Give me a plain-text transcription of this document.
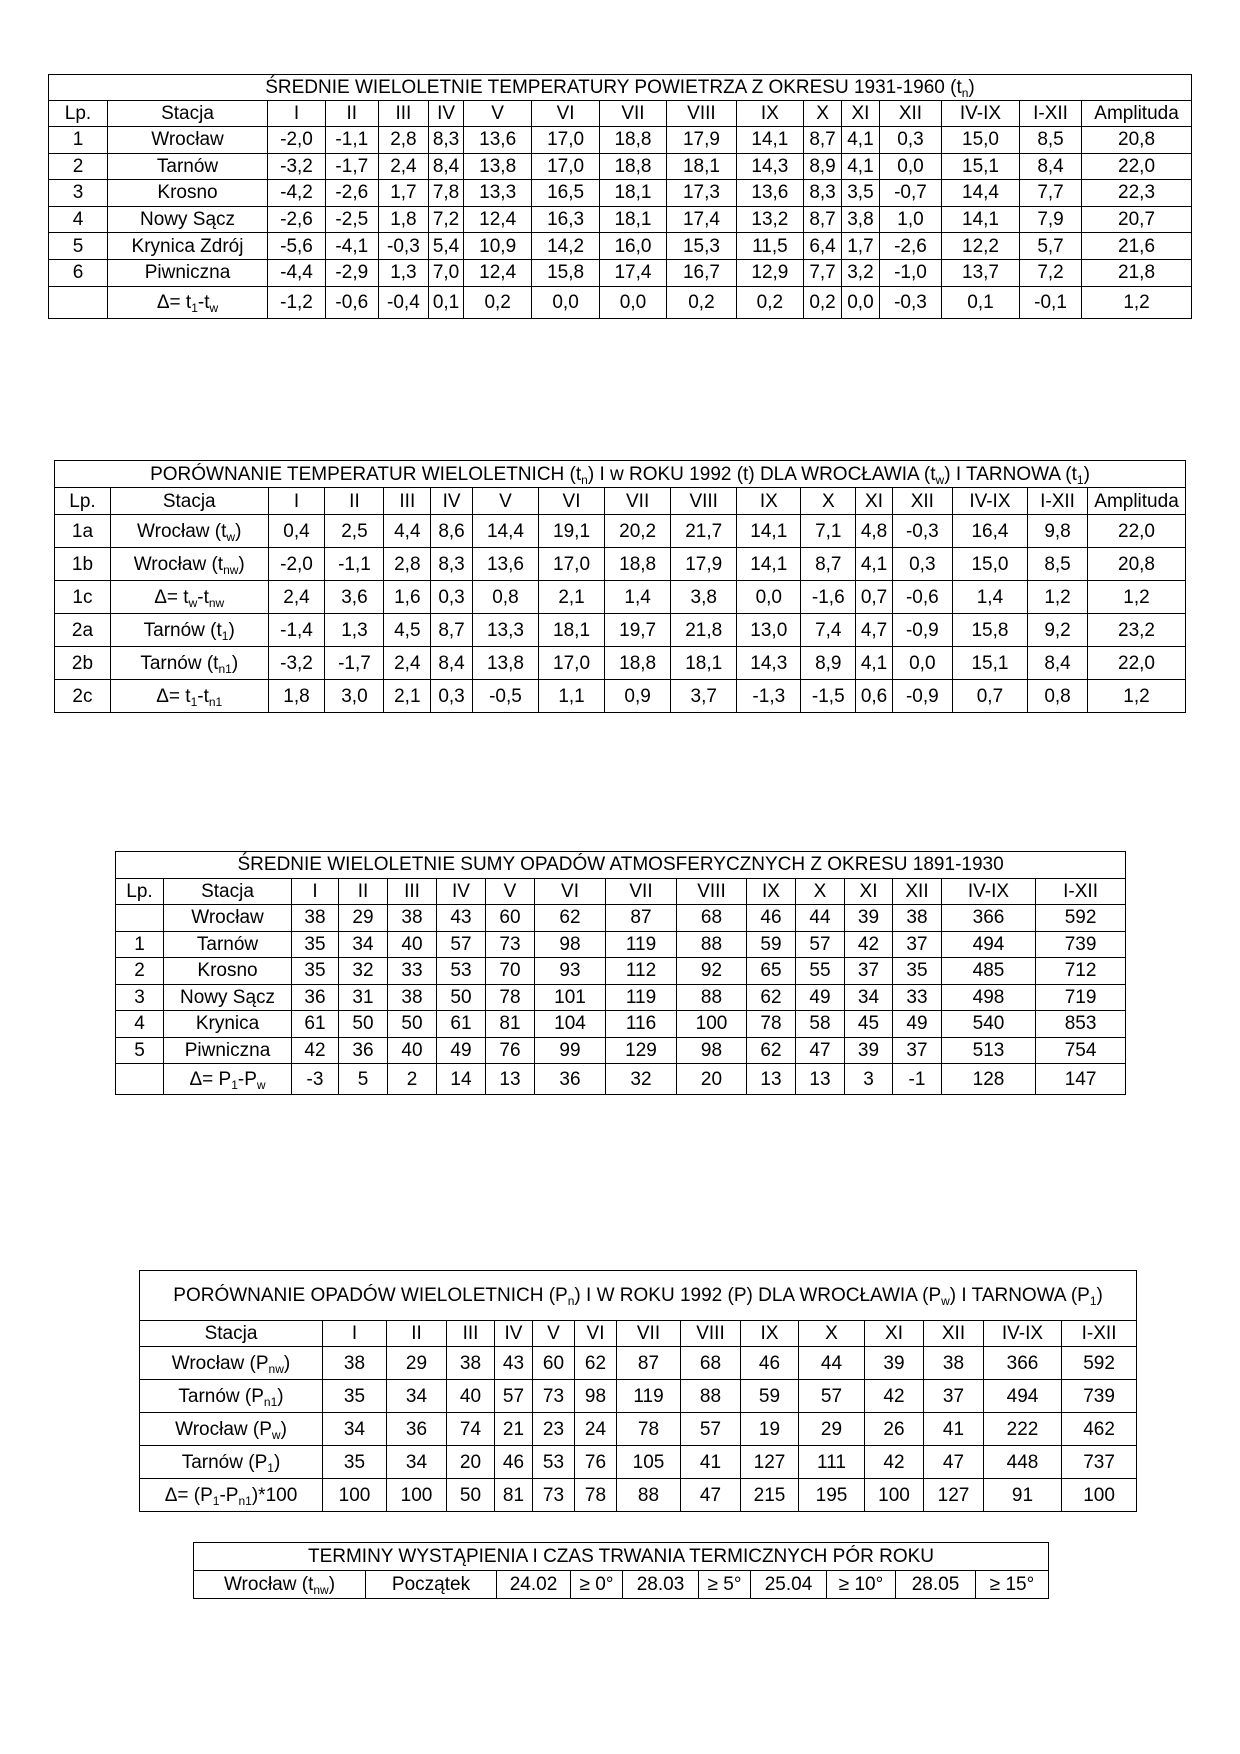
ŚREDNIE WIELOLETNIE TEMPERATURY POWIETRZA Z OKRESU 1931-1960 $(t_n)$																
Lp.	Stacja	I	II	III	IV	V	VI	VII	VIII	IX	X	XI	XII	IV-IX	I-XII	Amplituda
1	Wrocław	-2,0	-1,1	2,8	8,3	13,6	17,0	18,8	17,9	14,1	8,7	4,1	0,3	15,0	8,5	20,8
2	Tarnów	-3,2	-1,7	2,4	8,4	13,8	17,0	18,8	18,1	14,3	8,9	4,1	0,0	15,1	8,4	22,0
3	Krosno	-4,2	-2,6	1,7	7,8	13,3	16,5	18,1	17,3	13,6	8,3	3,5	-0,7	14,4	7,7	22,3
4	Nowy Sącz	-2,6	-2,5	1,8	7,2	12,4	16,3	18,1	17,4	13,2	8,7	3,8	1,0	14,1	7,9	20,7
5	Krynica Zdrój	-5,6	-4,1	-0,3	5,4	10,9	14,2	16,0	15,3	11,5	6,4	1,7	-2,6	12,2	5,7	21,6
6	Piwniczna	-4,4	-2,9	1,3	7,0	12,4	15,8	17,4	16,7	12,9	7,7	3,2	-1,0	13,7	7,2	21,8
	$\Delta= t_1-t_w$	-1,2	-0,6	-0,4	0,1	0,2	0,0	0,0	0,2	0,2	0,2	0,0	-0,3	0,1	-0,1	1,2
PORÓWNANIE TEMPERATUR WIELOLETNICH $(t_n)$ I w ROKU 1992 (t) DLA WROCŁAWIA $(t_w)$ I TARNOWA $(t_1)$																
Lp.	Stacja	I	II	III	IV	V	VI	VII	VIII	IX	X	XI	XII	IV-IX	I-XII	Amplituda
1a	Wrocław $(t_w)$	0,4	2,5	4,4	8,6	14,4	19,1	20,2	21,7	14,1	7,1	4,8	-0,3	16,4	9,8	22,0
1b	Wrocław $(t_{nw})$	-2,0	-1,1	2,8	8,3	13,6	17,0	18,8	17,9	14,1	8,7	4,1	0,3	15,0	8,5	20,8
1c	$\Delta= t_w-t_{nw}$	2,4	3,6	1,6	0,3	0,8	2,1	1,4	3,8	0,0	-1,6	0,7	-0,6	1,4	1,2	1,2
2a	Tarnów $(t_1)$	-1,4	1,3	4,5	8,7	13,3	18,1	19,7	21,8	13,0	7,4	4,7	-0,9	15,8	9,2	23,2
2b	Tarnów $(t_{n1})$	-3,2	-1,7	2,4	8,4	13,8	17,0	18,8	18,1	14,3	8,9	4,1	0,0	15,1	8,4	22,0
2c	$\Delta= t_1-t_{n1}$	1,8	3,0	2,1	0,3	-0,5	1,1	0,9	3,7	-1,3	-1,5	0,6	-0,9	0,7	0,8	1,2
ŚREDNIE WIELOLETNIE SUMY OPADÓW ATMOSFERYCZNYCH Z OKRESU 1891-1930															
Lp.	Stacja	I	II	III	IV	V	VI	VII	VIII	IX	X	XI	XII	IV-IX	I-XII
	Wrocław	38	29	38	43	60	62	87	68	46	44	39	38	366	592
1	Tarnów	35	34	40	57	73	98	119	88	59	57	42	37	494	739
2	Krosno	35	32	33	53	70	93	112	92	65	55	37	35	485	712
3	Nowy Sącz	36	31	38	50	78	101	119	88	62	49	34	33	498	719
4	Krynica	61	50	50	61	81	104	116	100	78	58	45	49	540	853
5	Piwniczna	42	36	40	49	76	99	129	98	62	47	39	37	513	754
	$\Delta= P_1-P_w$	-3	5	2	14	13	36	32	20	13	13	3	-1	128	147
PORÓWNANIE OPADÓW WIELOLETNICH $(P_n)$ I W ROKU 1992 (P) DLA WROCŁAWIA $(P_w)$ I TARNOWA $(P_1)$														
Stacja	I	II	III	IV	V	VI	VII	VIII	IX	X	XI	XII	IV-IX	I-XII
Wrocław $(P_{nw})$	38	29	38	43	60	62	87	68	46	44	39	38	366	592
Tarnów $(P_{n1})$	35	34	40	57	73	98	119	88	59	57	42	37	494	739
Wrocław $(P_w)$	34	36	74	21	23	24	78	57	19	29	26	41	222	462
Tarnów $(P_1)$	35	34	20	46	53	76	105	41	127	111	42	47	448	737
$\Delta= (P_1-P_{n1})*100$	100	100	50	81	73	78	88	47	215	195	100	127	91	100
TERMINY WYSTĄPIENIA I CZAS TRWANIA TERMICZNYCH PÓR ROKU
Wrocław $(t_{nw})$	Początek	24.02	≥ 0°	28.03	≥ 5°	25.04	≥ 10°	28.05	≥ 15°
